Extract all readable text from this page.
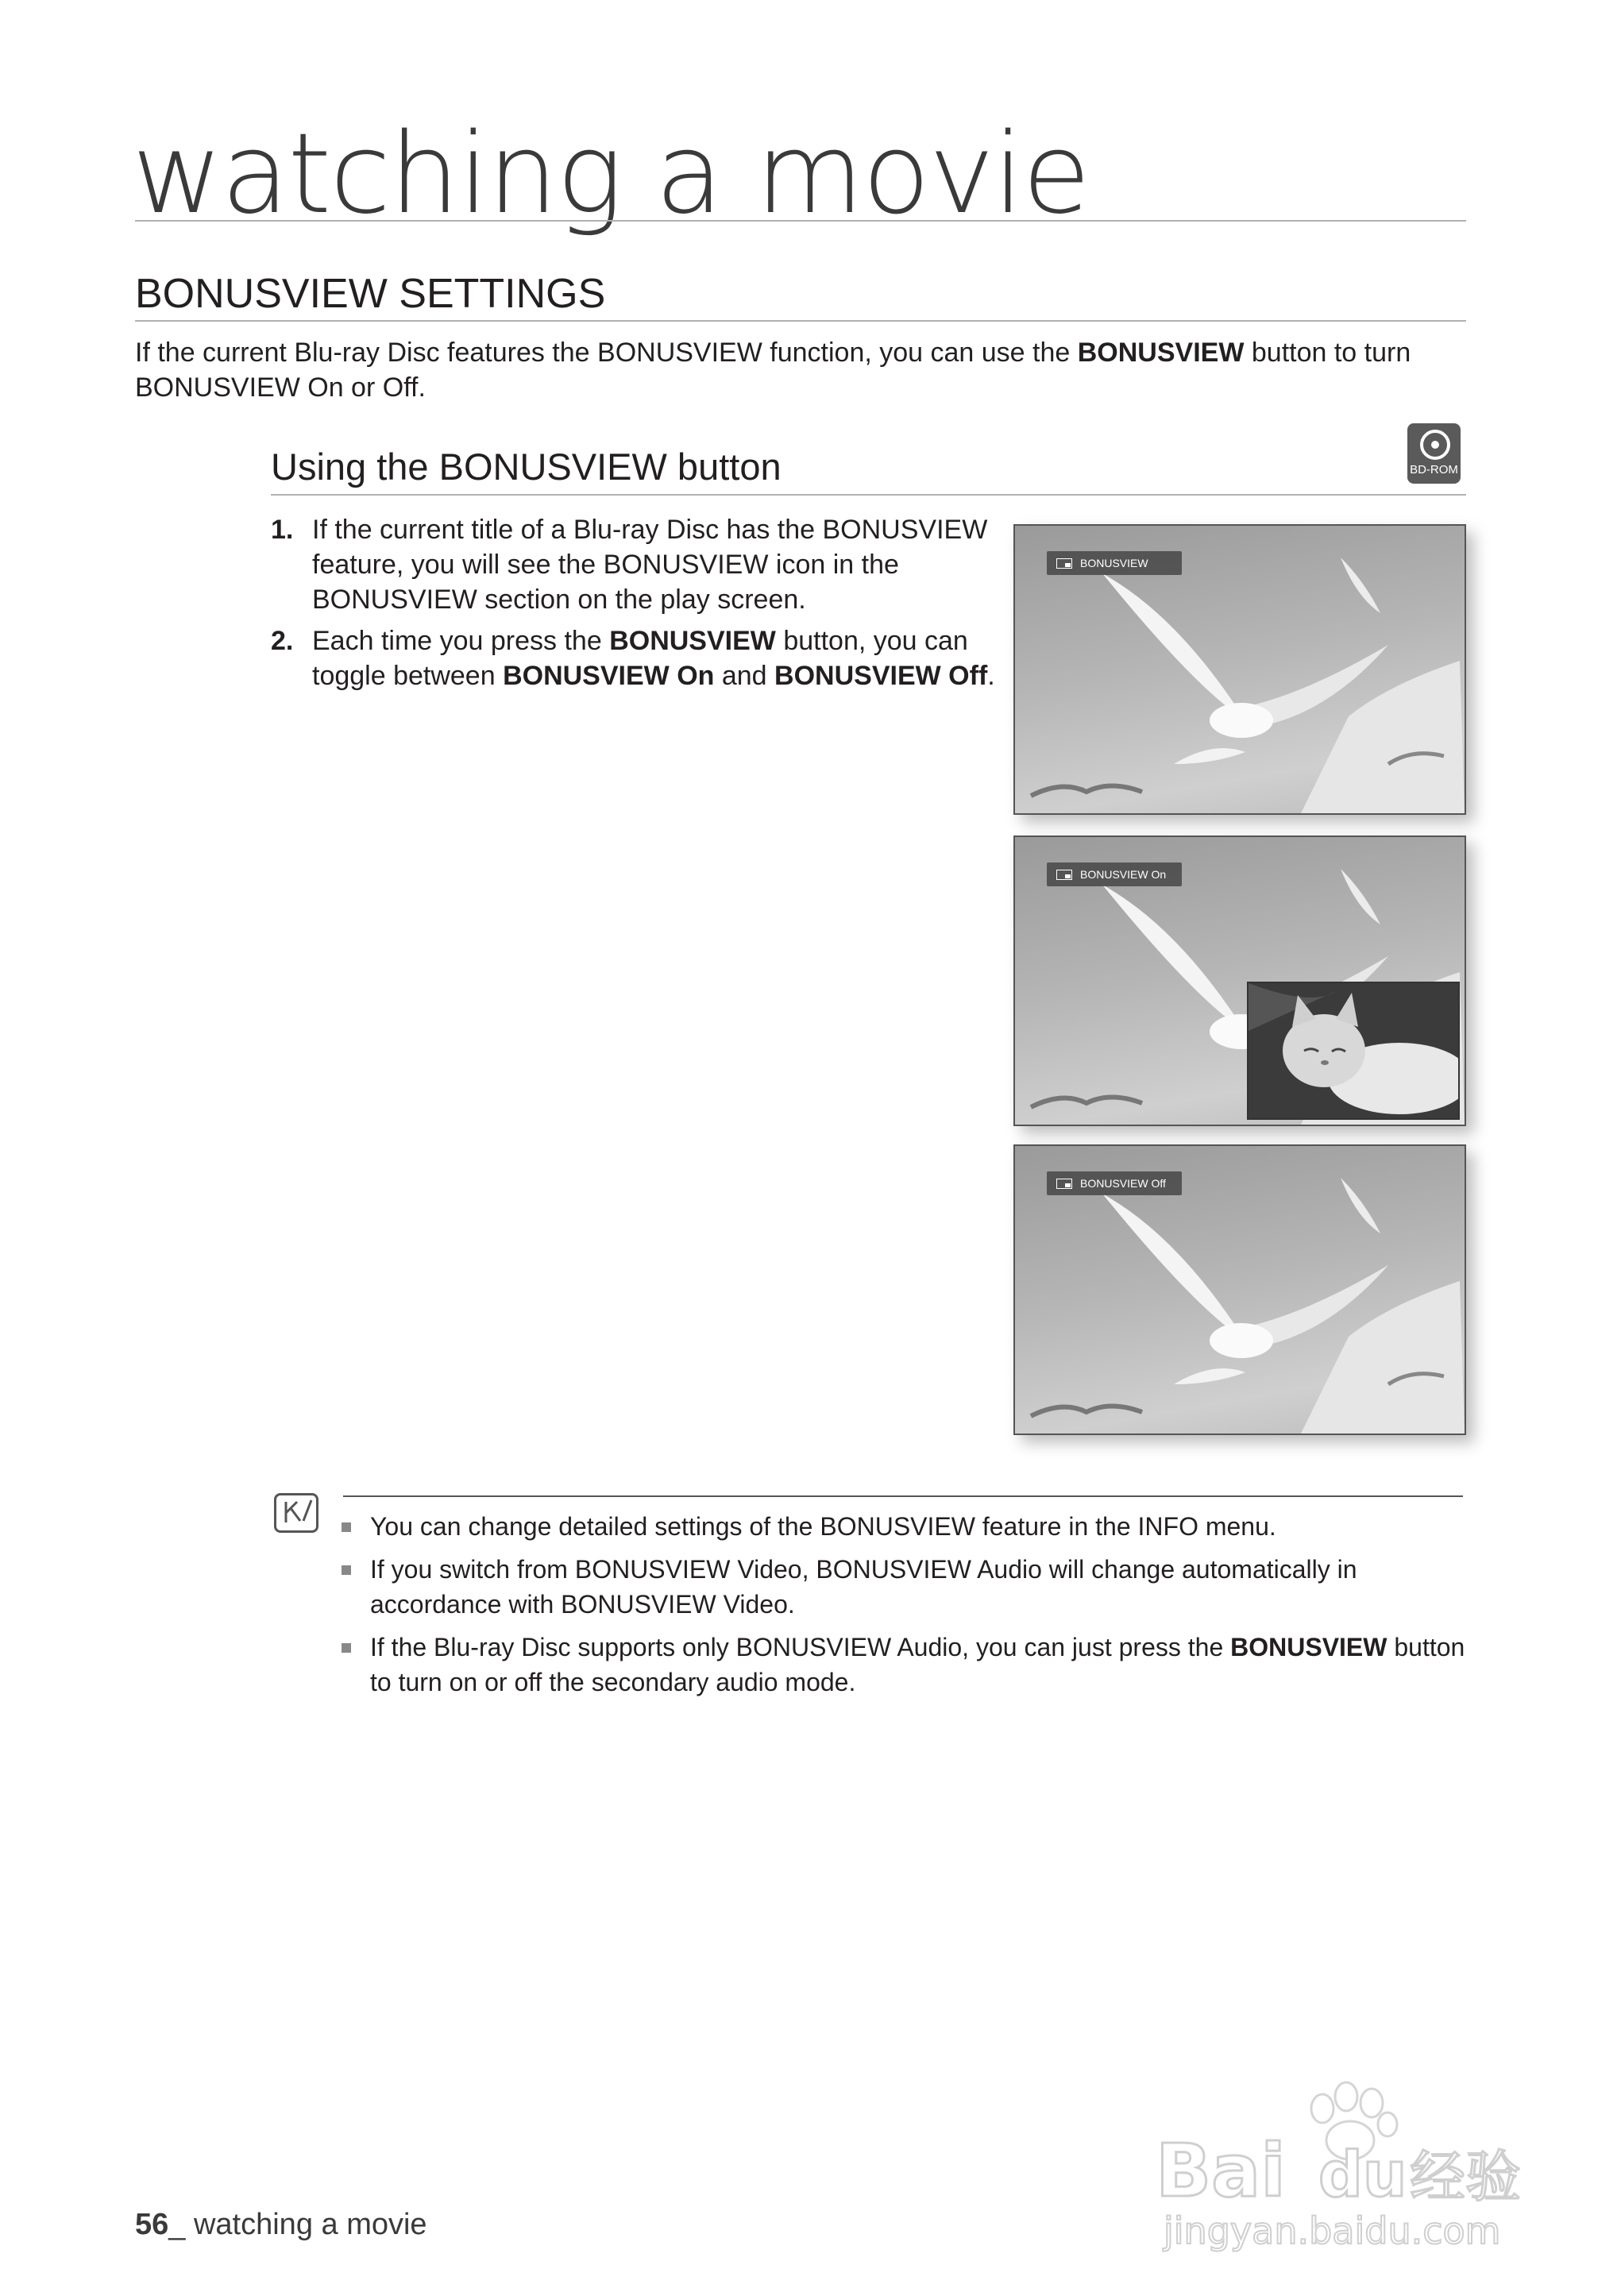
watching a movie
BONUSVIEW SETTINGS
If the current Blu-ray Disc features the BONUSVIEW function, you can use the BONUSVIEW button to turn BONUSVIEW On or Off.
Using the BONUSVIEW button	BD-ROM
1. If the current title of a Blu-ray Disc has the BONUSVIEW feature, you will see the BONUSVIEW icon in the BONUSVIEW section on the play screen.
2. Each time you press the BONUSVIEW button, you can toggle between BONUSVIEW On and BONUSVIEW Off.
BONUSVIEW
BONUSVIEW On
BONUSVIEW Off
You can change detailed settings of the BONUSVIEW feature in the INFO menu.
If you switch from BONUSVIEW Video, BONUSVIEW Audio will change automatically in accordance with BONUSVIEW Video.
If the Blu-ray Disc supports only BONUSVIEW Audio, you can just press the BONUSVIEW button to turn on or off the secondary audio mode.
56_ watching a movie
Bai du 经验
jingyan.baidu.com
